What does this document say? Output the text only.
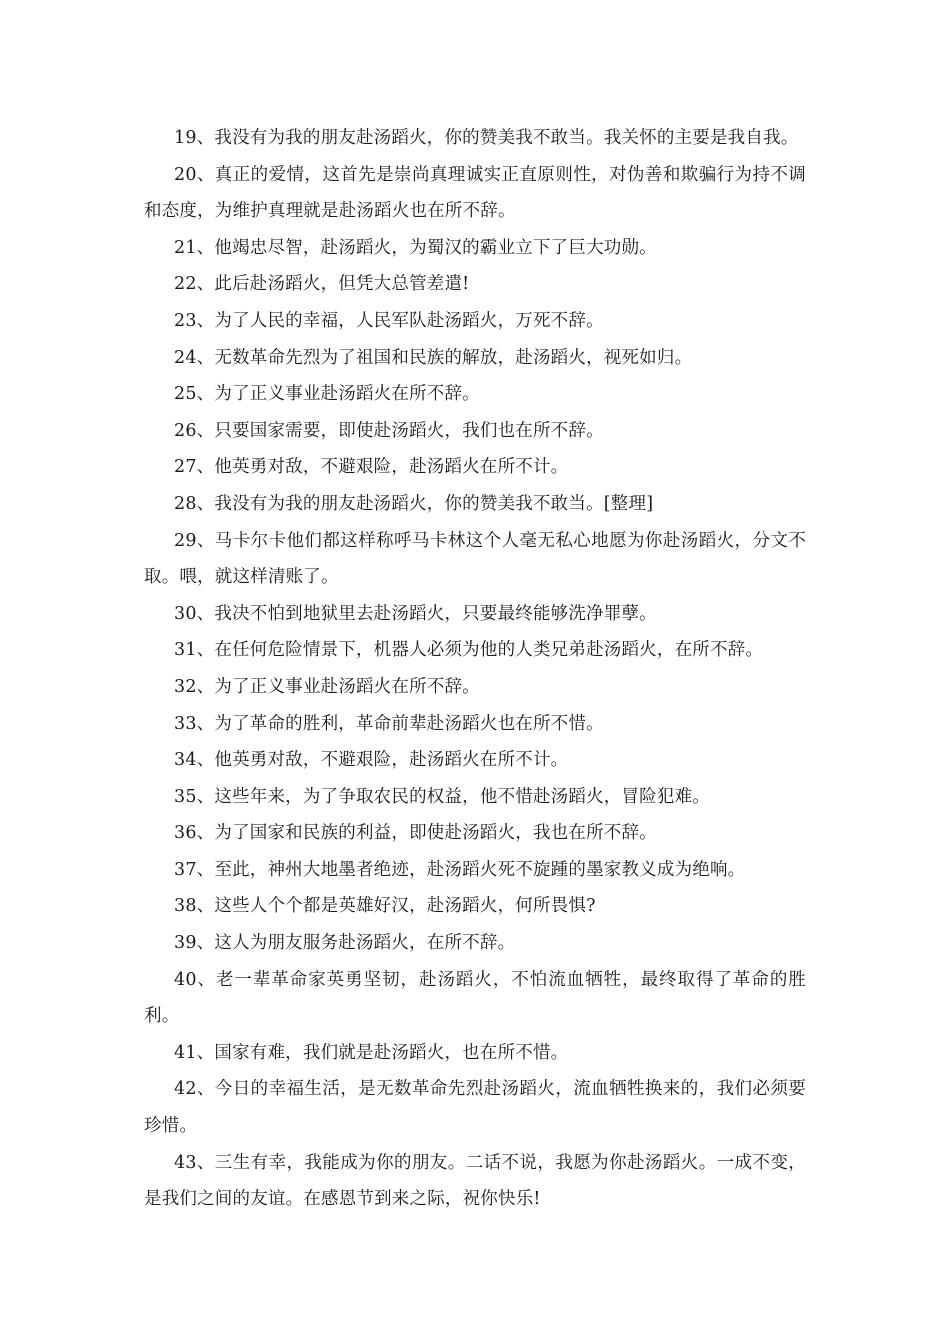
19、我没有为我的朋友赴汤蹈火，你的赞美我不敢当。我关怀的主要是我自我。

20、真正的爱情，这首先是崇尚真理诚实正直原则性，对伪善和欺骗行为持不调和态度，为维护真理就是赴汤蹈火也在所不辞。

21、他竭忠尽智，赴汤蹈火，为蜀汉的霸业立下了巨大功勋。

22、此后赴汤蹈火，但凭大总管差遣!

23、为了人民的幸福，人民军队赴汤蹈火，万死不辞。

24、无数革命先烈为了祖国和民族的解放，赴汤蹈火，视死如归。

25、为了正义事业赴汤蹈火在所不辞。

26、只要国家需要，即使赴汤蹈火，我们也在所不辞。

27、他英勇对敌，不避艰险，赴汤蹈火在所不计。

28、我没有为我的朋友赴汤蹈火，你的赞美我不敢当。[整理]

29、马卡尔卡他们都这样称呼马卡林这个人毫无私心地愿为你赴汤蹈火，分文不取。喂，就这样清账了。

30、我决不怕到地狱里去赴汤蹈火，只要最终能够洗净罪孽。

31、在任何危险情景下，机器人必须为他的人类兄弟赴汤蹈火，在所不辞。

32、为了正义事业赴汤蹈火在所不辞。

33、为了革命的胜利，革命前辈赴汤蹈火也在所不惜。

34、他英勇对敌，不避艰险，赴汤蹈火在所不计。

35、这些年来，为了争取农民的权益，他不惜赴汤蹈火，冒险犯难。

36、为了国家和民族的利益，即使赴汤蹈火，我也在所不辞。

37、至此，神州大地墨者绝迹，赴汤蹈火死不旋踵的墨家教义成为绝响。

38、这些人个个都是英雄好汉，赴汤蹈火，何所畏惧?

39、这人为朋友服务赴汤蹈火，在所不辞。

40、老一辈革命家英勇坚韧，赴汤蹈火，不怕流血牺牲，最终取得了革命的胜利。

41、国家有难，我们就是赴汤蹈火，也在所不惜。

42、今日的幸福生活，是无数革命先烈赴汤蹈火，流血牺牲换来的，我们必须要珍惜。

43、三生有幸，我能成为你的朋友。二话不说，我愿为你赴汤蹈火。一成不变，是我们之间的友谊。在感恩节到来之际，祝你快乐!
